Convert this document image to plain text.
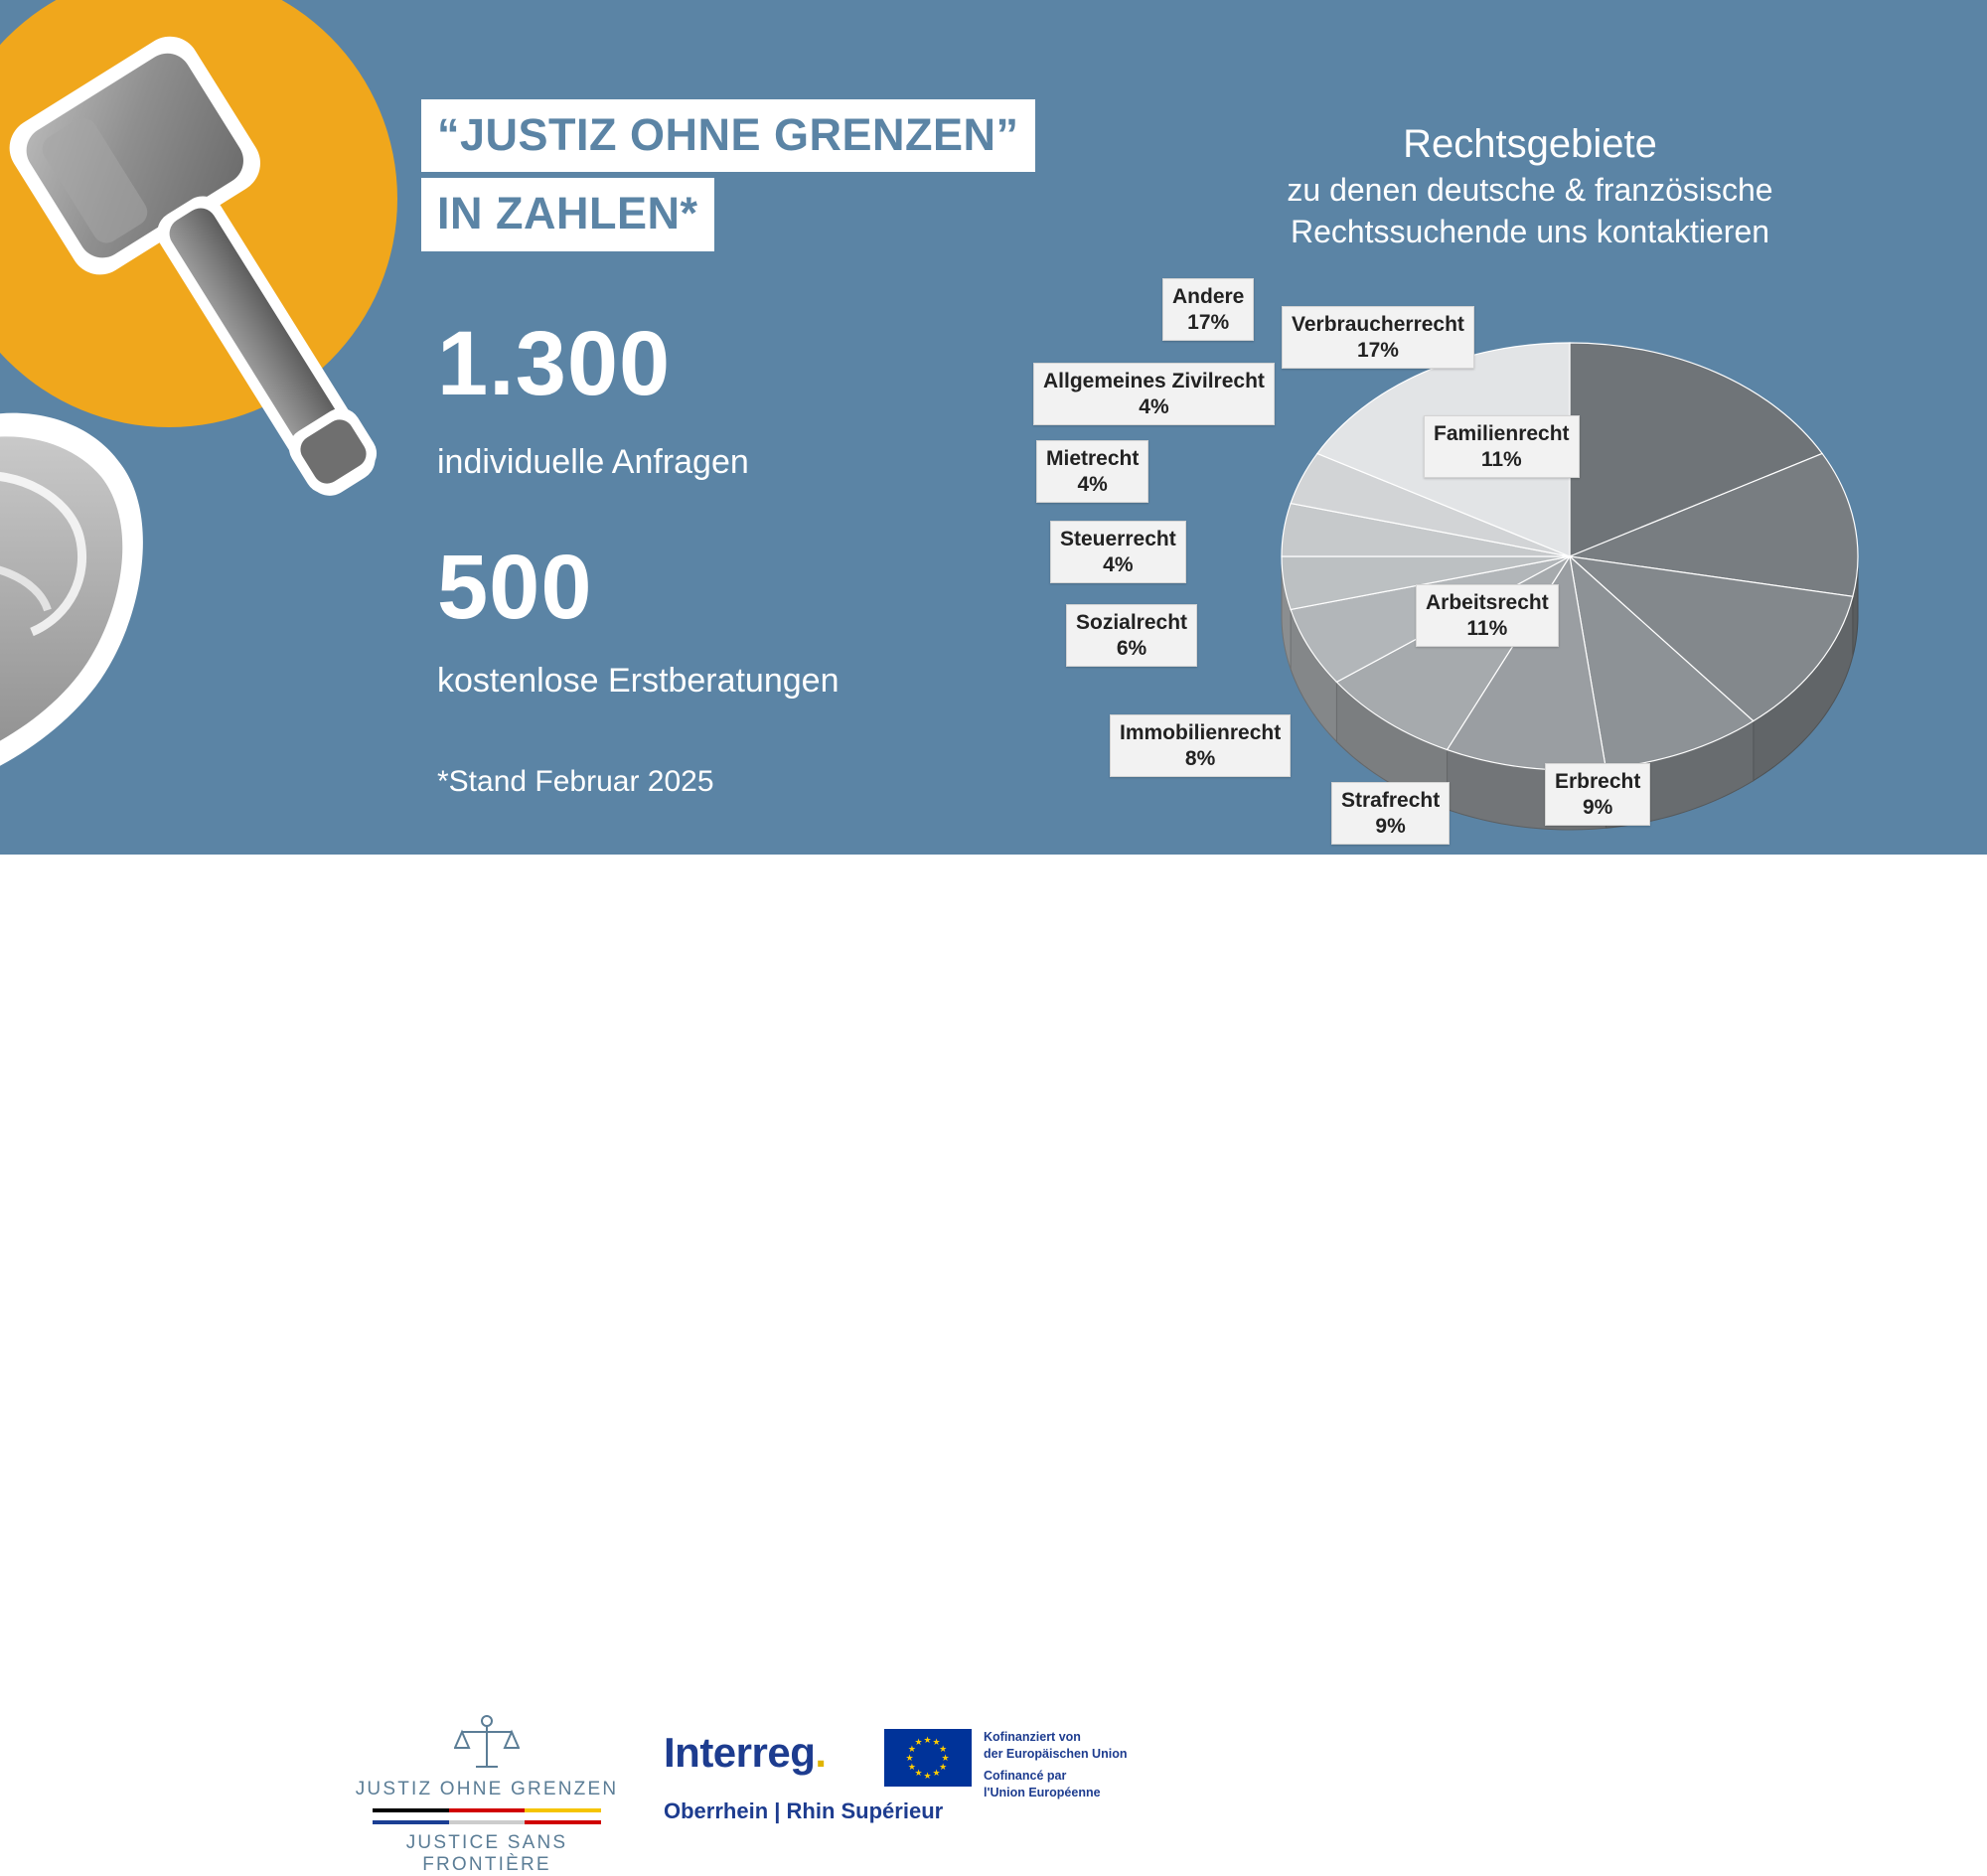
“JUSTIZ OHNE GRENZEN”
IN ZAHLEN*
1.300
individuelle Anfragen
500
kostenlose Erstberatungen
*Stand Februar 2025
Rechtsgebiete
zu denen deutsche & französische
Rechtssuchende uns kontaktieren
Andere
17%	Verbraucherrecht
17%
Allgemeines Zivilrecht
4%
Familienrecht
11%
Mietrecht
4%
Steuerrecht
4%
Arbeitsrecht
11%
Sozialrecht
6%
Immobilienrecht
8%
Strafrecht
9%
Erbrecht
9%
JUSTIZ OHNE GRENZEN
JUSTICE SANS FRONTIÈRE
Interreg.
Oberrhein | Rhin Supérieur
★ ★
★
★
★
★
★
★
★
★
★
★	Kofinanziert von
der Europäischen Union
Cofinancé par
l'Union Européenne
